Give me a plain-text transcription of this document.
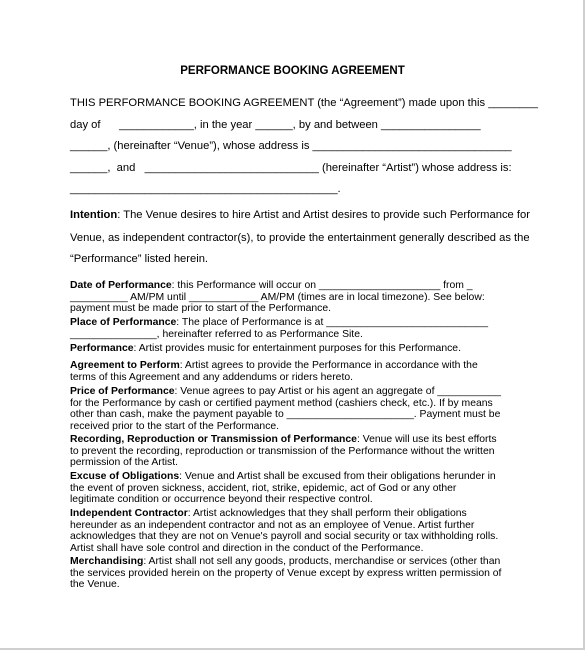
PERFORMANCE BOOKING AGREEMENT
THIS PERFORMANCE BOOKING AGREEMENT (the “Agreement”) made upon this ________
day of      ____________, in the year ______, by and between ________________
______, (hereinafter “Venue”), whose address is ________________________________
______,  and   ____________________________ (hereinafter “Artist”) whose address is:
___________________________________________.
Intention: The Venue desires to hire Artist and Artist desires to provide such Performance for
Venue, as independent contractor(s), to provide the entertainment generally described as the
“Performance” listed herein.
Date of Performance: this Performance will occur on _____________________ from _
__________ AM/PM until ____________ AM/PM (times are in local timezone). See below:
payment must be made prior to start of the Performance.
Place of Performance: The place of Performance is at ____________________________
_______________, hereinafter referred to as Performance Site.
Performance: Artist provides music for entertainment purposes for this Performance.
Agreement to Perform: Artist agrees to provide the Performance in accordance with the
terms of this Agreement and any addendums or riders hereto.
Price of Performance: Venue agrees to pay Artist or his agent an aggregate of ___________
for the Performance by cash or certified payment method (cashiers check, etc.). If by means
other than cash, make the payment payable to ______________________. Payment must be
received prior to the start of the Performance.
Recording, Reproduction or Transmission of Performance: Venue will use its best efforts
to prevent the recording, reproduction or transmission of the Performance without the written
permission of the Artist.
Excuse of Obligations: Venue and Artist shall be excused from their obligations herunder in
the event of proven sickness, accident, riot, strike, epidemic, act of God or any other
legitimate condition or occurrence beyond their respective control.
Independent Contractor: Artist acknowledges that they shall perform their obligations
hereunder as an independent contractor and not as an employee of Venue. Artist further
acknowledges that they are not on Venue's payroll and social security or tax withholding rolls.
Artist shall have sole control and direction in the conduct of the Performance.
Merchandising: Artist shall not sell any goods, products, merchandise or services (other than
the services provided herein on the property of Venue except by express written permission of
the Venue.
